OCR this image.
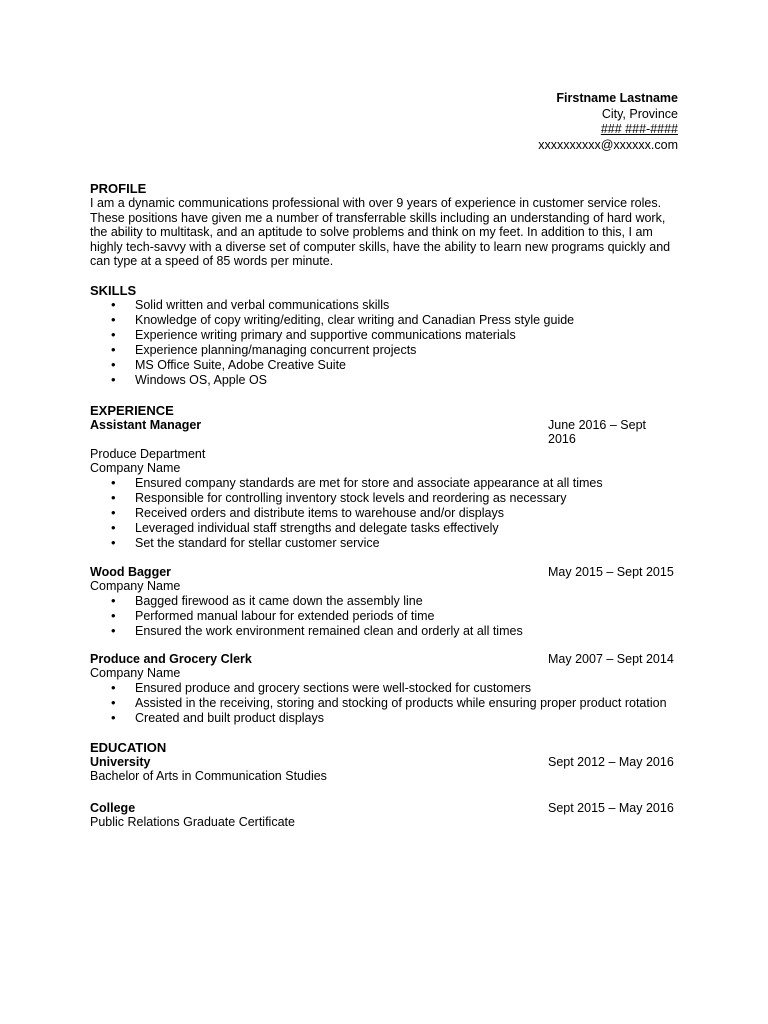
Firstname Lastname
City, Province
### ###-####
xxxxxxxxxx@xxxxxx.com
PROFILE

I am a dynamic communications professional with over 9 years of experience in customer service roles. These positions have given me a number of transferrable skills including an understanding of hard work, the ability to multitask, and an aptitude to solve problems and think on my feet. In addition to this, I am highly tech-savvy with a diverse set of computer skills, have the ability to learn new programs quickly and can type at a speed of 85 words per minute.

SKILLS
• Solid written and verbal communications skills
• Knowledge of copy writing/editing, clear writing and Canadian Press style guide
• Experience writing primary and supportive communications materials
• Experience planning/managing concurrent projects
• MS Office Suite, Adobe Creative Suite
• Windows OS, Apple OS
EXPERIENCE
Assistant Manager	June 2016 – Sept 2016
Produce Department
Company Name
• Ensured company standards are met for store and associate appearance at all times
• Responsible for controlling inventory stock levels and reordering as necessary
• Received orders and distribute items to warehouse and/or displays
• Leveraged individual staff strengths and delegate tasks effectively
• Set the standard for stellar customer service
Wood Bagger	May 2015 – Sept 2015
Company Name
• Bagged firewood as it came down the assembly line
• Performed manual labour for extended periods of time
• Ensured the work environment remained clean and orderly at all times
Produce and Grocery Clerk	May 2007 – Sept 2014
Company Name
• Ensured produce and grocery sections were well-stocked for customers
• Assisted in the receiving, storing and stocking of products while ensuring proper product rotation
• Created and built product displays
EDUCATION
University	Sept 2012 – May 2016
Bachelor of Arts in Communication Studies
College	Sept 2015 – May 2016
Public Relations Graduate Certificate
